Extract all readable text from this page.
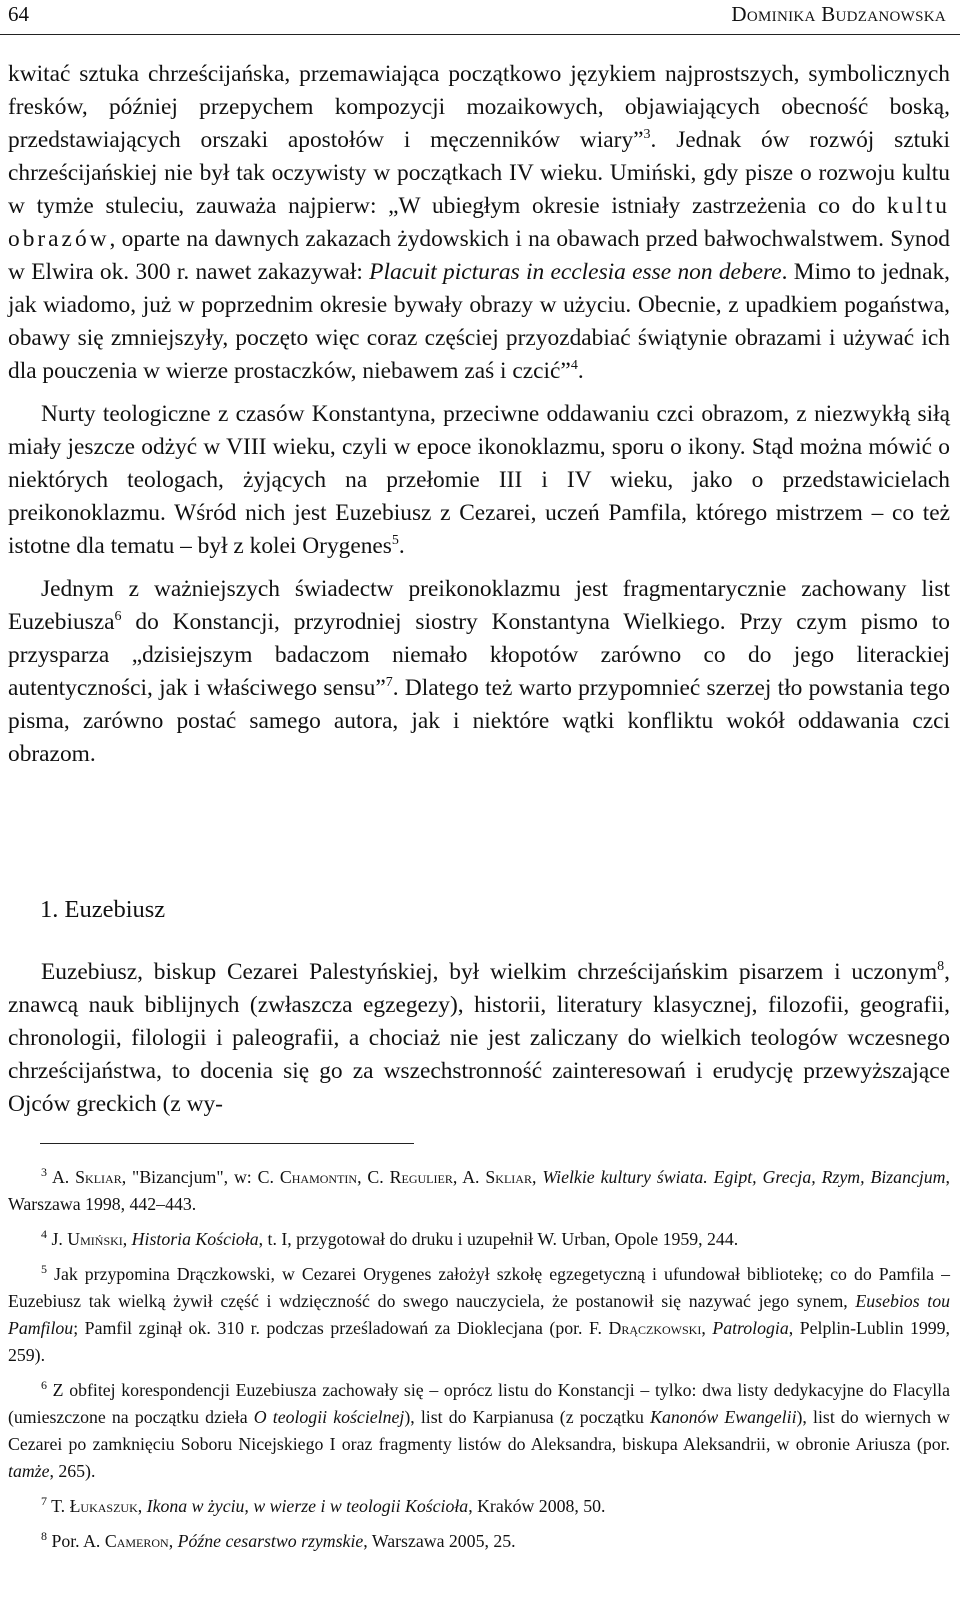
64	Dominika Budzanowska

kwitać sztuka chrześcijańska, przemawiająca początkowo językiem najprostszych, symbolicznych fresków, później przepychem kompozycji mozaikowych, objawiających obecność boską, przedstawiających orszaki apostołów i męczenników wiary”$^3$. Jednak ów rozwój sztuki chrześcijańskiej nie był tak oczywisty w początkach IV wieku. Umiński, gdy pisze o rozwoju kultu w tymże stuleciu, zauważa najpierw: „W ubiegłym okresie istniały zastrzeżenia co do kultu obrazów, oparte na dawnych zakazach żydowskich i na obawach przed bałwochwalstwem. Synod w Elwira ok. 300 r. nawet zakazywał: Placuit picturas in ecclesia esse non debere. Mimo to jednak, jak wiadomo, już w poprzednim okresie bywały obrazy w użyciu. Obecnie, z upadkiem pogaństwa, obawy się zmniejszyły, poczęto więc coraz częściej przyozdabiać świątynie obrazami i używać ich dla pouczenia w wierze prostaczków, niebawem zaś i czcić”$^4$.

Nurty teologiczne z czasów Konstantyna, przeciwne oddawaniu czci obrazom, z niezwykłą siłą miały jeszcze odżyć w VIII wieku, czyli w epoce ikonoklazmu, sporu o ikony. Stąd można mówić o niektórych teologach, żyjących na przełomie III i IV wieku, jako o przedstawicielach preikonoklazmu. Wśród nich jest Euzebiusz z Cezarei, uczeń Pamfila, którego mistrzem – co też istotne dla tematu – był z kolei Orygenes$^5$.

Jednym z ważniejszych świadectw preikonoklazmu jest fragmentarycznie zachowany list Euzebiusza$^6$ do Konstancji, przyrodniej siostry Konstantyna Wielkiego. Przy czym pismo to przysparza „dzisiejszym badaczom niemało kłopotów zarówno co do jego literackiej autentyczności, jak i właściwego sensu”$^7$. Dlatego też warto przypomnieć szerzej tło powstania tego pisma, zarówno postać samego autora, jak i niektóre wątki konfliktu wokół oddawania czci obrazom.

1. Euzebiusz

Euzebiusz, biskup Cezarei Palestyńskiej, był wielkim chrześcijańskim pisarzem i uczonym$^8$, znawcą nauk biblijnych (zwłaszcza egzegezy), historii, literatury klasycznej, filozofii, geografii, chronologii, filologii i paleografii, a chociaż nie jest zaliczany do wielkich teologów wczesnego chrześcijaństwa, to docenia się go za wszechstronność zainteresowań i erudycję przewyższające Ojców greckich (z wy-

$^3$ A. Skliar, "Bizancjum", w: C. Chamontin, C. Regulier, A. Skliar, Wielkie kultury świata. Egipt, Grecja, Rzym, Bizancjum, Warszawa 1998, 442–443.

$^4$ J. Umiński, Historia Kościoła, t. I, przygotował do druku i uzupełnił W. Urban, Opole 1959, 244.

$^5$ Jak przypomina Drączkowski, w Cezarei Orygenes założył szkołę egzegetyczną i ufundował bibliotekę; co do Pamfila – Euzebiusz tak wielką żywił część i wdzięczność do swego nauczyciela, że postanowił się nazywać jego synem, Eusebios tou Pamfilou; Pamfil zginął ok. 310 r. podczas prześladowań za Dioklecjana (por. F. Drączkowski, Patrologia, Pelplin-Lublin 1999, 259).

$^6$ Z obfitej korespondencji Euzebiusza zachowały się – oprócz listu do Konstancji – tylko: dwa listy dedykacyjne do Flacylla (umieszczone na początku dzieła O teologii kościelnej), list do Karpianusa (z początku Kanonów Ewangelii), list do wiernych w Cezarei po zamknięciu Soboru Nicejskiego I oraz fragmenty listów do Aleksandra, biskupa Aleksandrii, w obronie Ariusza (por. tamże, 265).

$^7$ T. Łukaszuk, Ikona w życiu, w wierze i w teologii Kościoła, Kraków 2008, 50.

$^8$ Por. A. Cameron, Późne cesarstwo rzymskie, Warszawa 2005, 25.
